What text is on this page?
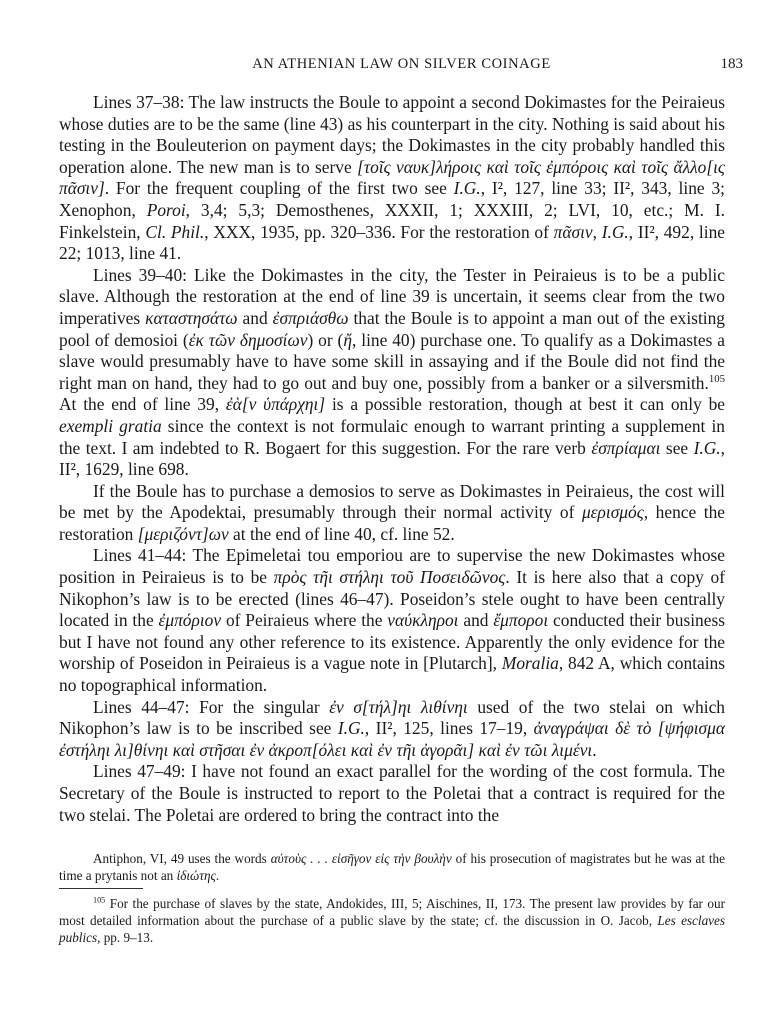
AN ATHENIAN LAW ON SILVER COINAGE	183

Lines 37–38: The law instructs the Boule to appoint a second Dokimastes for the Peiraieus whose duties are to be the same (line 43) as his counterpart in the city. Nothing is said about his testing in the Bouleuterion on payment days; the Dokimastes in the city probably handled this operation alone. The new man is to serve [τοῖς ναυκ]λήροις καὶ τοῖς ἐμπόροις καὶ τοῖς ἄλλο[ις πᾶσιν]. For the frequent coupling of the first two see I.G., I², 127, line 33; II², 343, line 3; Xenophon, Poroi, 3,4; 5,3; Demosthenes, XXXII, 1; XXXIII, 2; LVI, 10, etc.; M. I. Finkelstein, Cl. Phil., XXX, 1935, pp. 320–336. For the restoration of πᾶσιν, I.G., II², 492, line 22; 1013, line 41.

Lines 39–40: Like the Dokimastes in the city, the Tester in Peiraieus is to be a public slave. Although the restoration at the end of line 39 is uncertain, it seems clear from the two imperatives καταστησάτω and ἐσπριάσθω that the Boule is to appoint a man out of the existing pool of demosioi (ἐκ τῶν δημοσίων) or (ἤ, line 40) purchase one. To qualify as a Dokimastes a slave would presumably have to have some skill in assaying and if the Boule did not find the right man on hand, they had to go out and buy one, possibly from a banker or a silversmith.$^{105}$ At the end of line 39, ἐὰ[ν ὑπάρχηι] is a possible restoration, though at best it can only be exempli gratia since the context is not formulaic enough to warrant printing a supplement in the text. I am indebted to R. Bogaert for this suggestion. For the rare verb ἐσπρίαμαι see I.G., II², 1629, line 698.

If the Boule has to purchase a demosios to serve as Dokimastes in Peiraieus, the cost will be met by the Apodektai, presumably through their normal activity of μερισμός, hence the restoration [μεριζόντ]ων at the end of line 40, cf. line 52.

Lines 41–44: The Epimeletai tou emporiou are to supervise the new Dokimastes whose position in Peiraieus is to be πρὸς τῆι στήληι τοῦ Ποσειδῶνος. It is here also that a copy of Nikophon’s law is to be erected (lines 46–47). Poseidon’s stele ought to have been centrally located in the ἐμπόριον of Peiraieus where the ναύκληροι and ἔμποροι conducted their business but I have not found any other reference to its existence. Apparently the only evidence for the worship of Poseidon in Peiraieus is a vague note in [Plutarch], Moralia, 842 A, which contains no topographical information.

Lines 44–47: For the singular ἐν σ[τήλ]ηι λιθίνηι used of the two stelai on which Nikophon’s law is to be inscribed see I.G., II², 125, lines 17–19, ἀναγράψαι δὲ τὸ [ψήφισμα ἐστήληι λι]θίνηι καὶ στῆσαι ἐν ἀκροπ[όλει καὶ ἐν τῆι ἀγορᾶι] καὶ ἐν τῶι λιμένι.

Lines 47–49: I have not found an exact parallel for the wording of the cost formula. The Secretary of the Boule is instructed to report to the Poletai that a contract is required for the two stelai. The Poletai are ordered to bring the contract into the

Antiphon, VI, 49 uses the words αὐτοὺς . . . εἰσῆγον εἰς τὴν βουλὴν of his prosecution of magistrates but he was at the time a prytanis not an ἰδιώτης.

$^{105}$ For the purchase of slaves by the state, Andokides, III, 5; Aischines, II, 173. The present law provides by far our most detailed information about the purchase of a public slave by the state; cf. the discussion in O. Jacob, Les esclaves publics, pp. 9–13.
